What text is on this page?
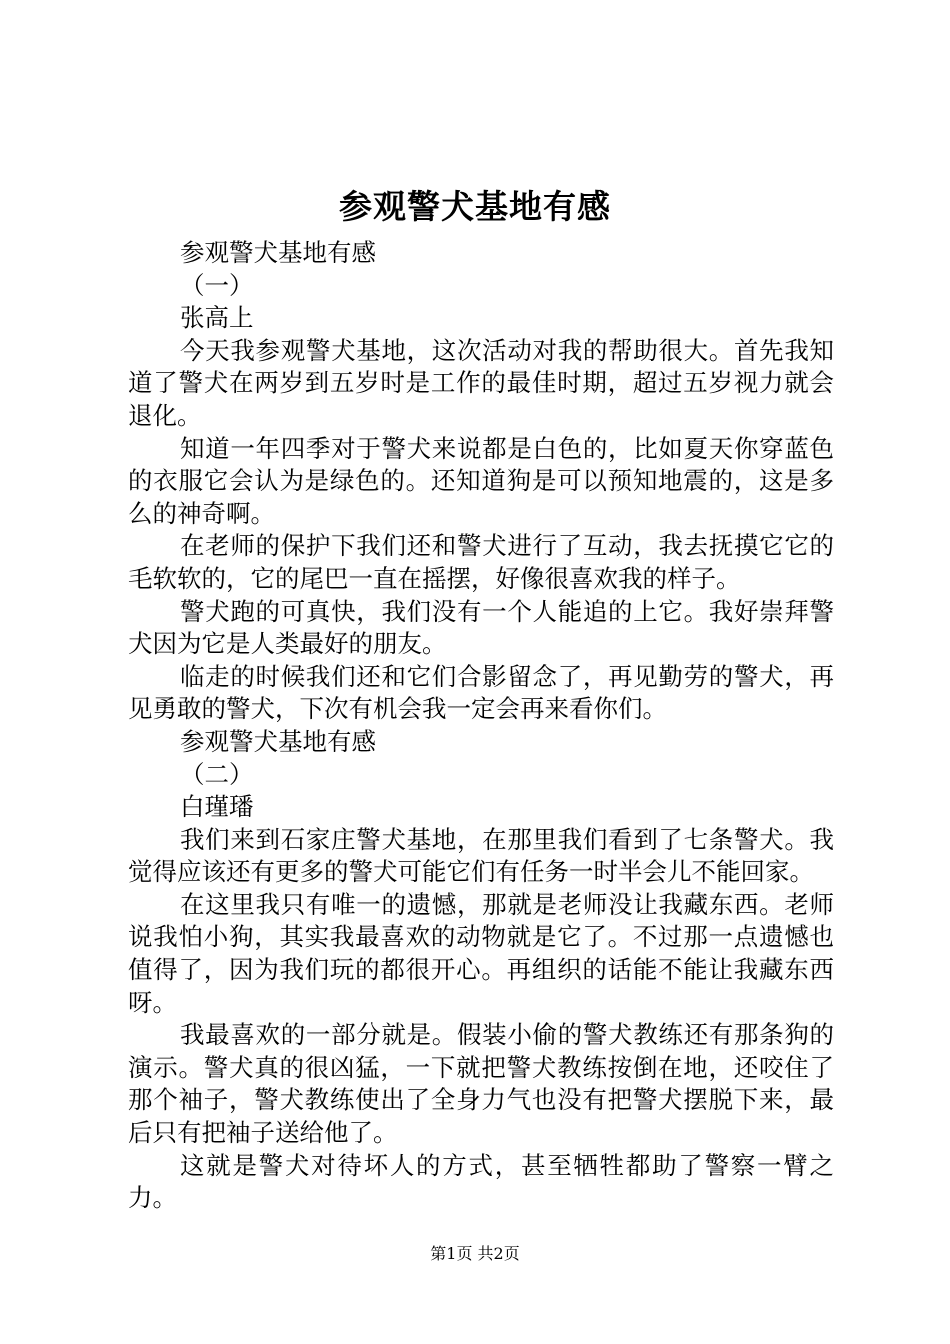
参观警犬基地有感

参观警犬基地有感

（一）

张高上

今天我参观警犬基地，这次活动对我的帮助很大。首先我知道了警犬在两岁到五岁时是工作的最佳时期，超过五岁视力就会退化。

知道一年四季对于警犬来说都是白色的，比如夏天你穿蓝色的衣服它会认为是绿色的。还知道狗是可以预知地震的，这是多么的神奇啊。

在老师的保护下我们还和警犬进行了互动，我去抚摸它它的毛软软的，它的尾巴一直在摇摆，好像很喜欢我的样子。

警犬跑的可真快，我们没有一个人能追的上它。我好崇拜警犬因为它是人类最好的朋友。

临走的时候我们还和它们合影留念了，再见勤劳的警犬，再见勇敢的警犬，下次有机会我一定会再来看你们。

参观警犬基地有感

（二）

白瑾璠

我们来到石家庄警犬基地，在那里我们看到了七条警犬。我觉得应该还有更多的警犬可能它们有任务一时半会儿不能回家。

在这里我只有唯一的遗憾，那就是老师没让我藏东西。老师说我怕小狗，其实我最喜欢的动物就是它了。不过那一点遗憾也值得了，因为我们玩的都很开心。再组织的话能不能让我藏东西呀。

我最喜欢的一部分就是。假装小偷的警犬教练还有那条狗的演示。警犬真的很凶猛，一下就把警犬教练按倒在地，还咬住了那个袖子，警犬教练使出了全身力气也没有把警犬摆脱下来，最后只有把袖子送给他了。

这就是警犬对待坏人的方式，甚至牺牲都助了警察一臂之力。

第1页 共2页
